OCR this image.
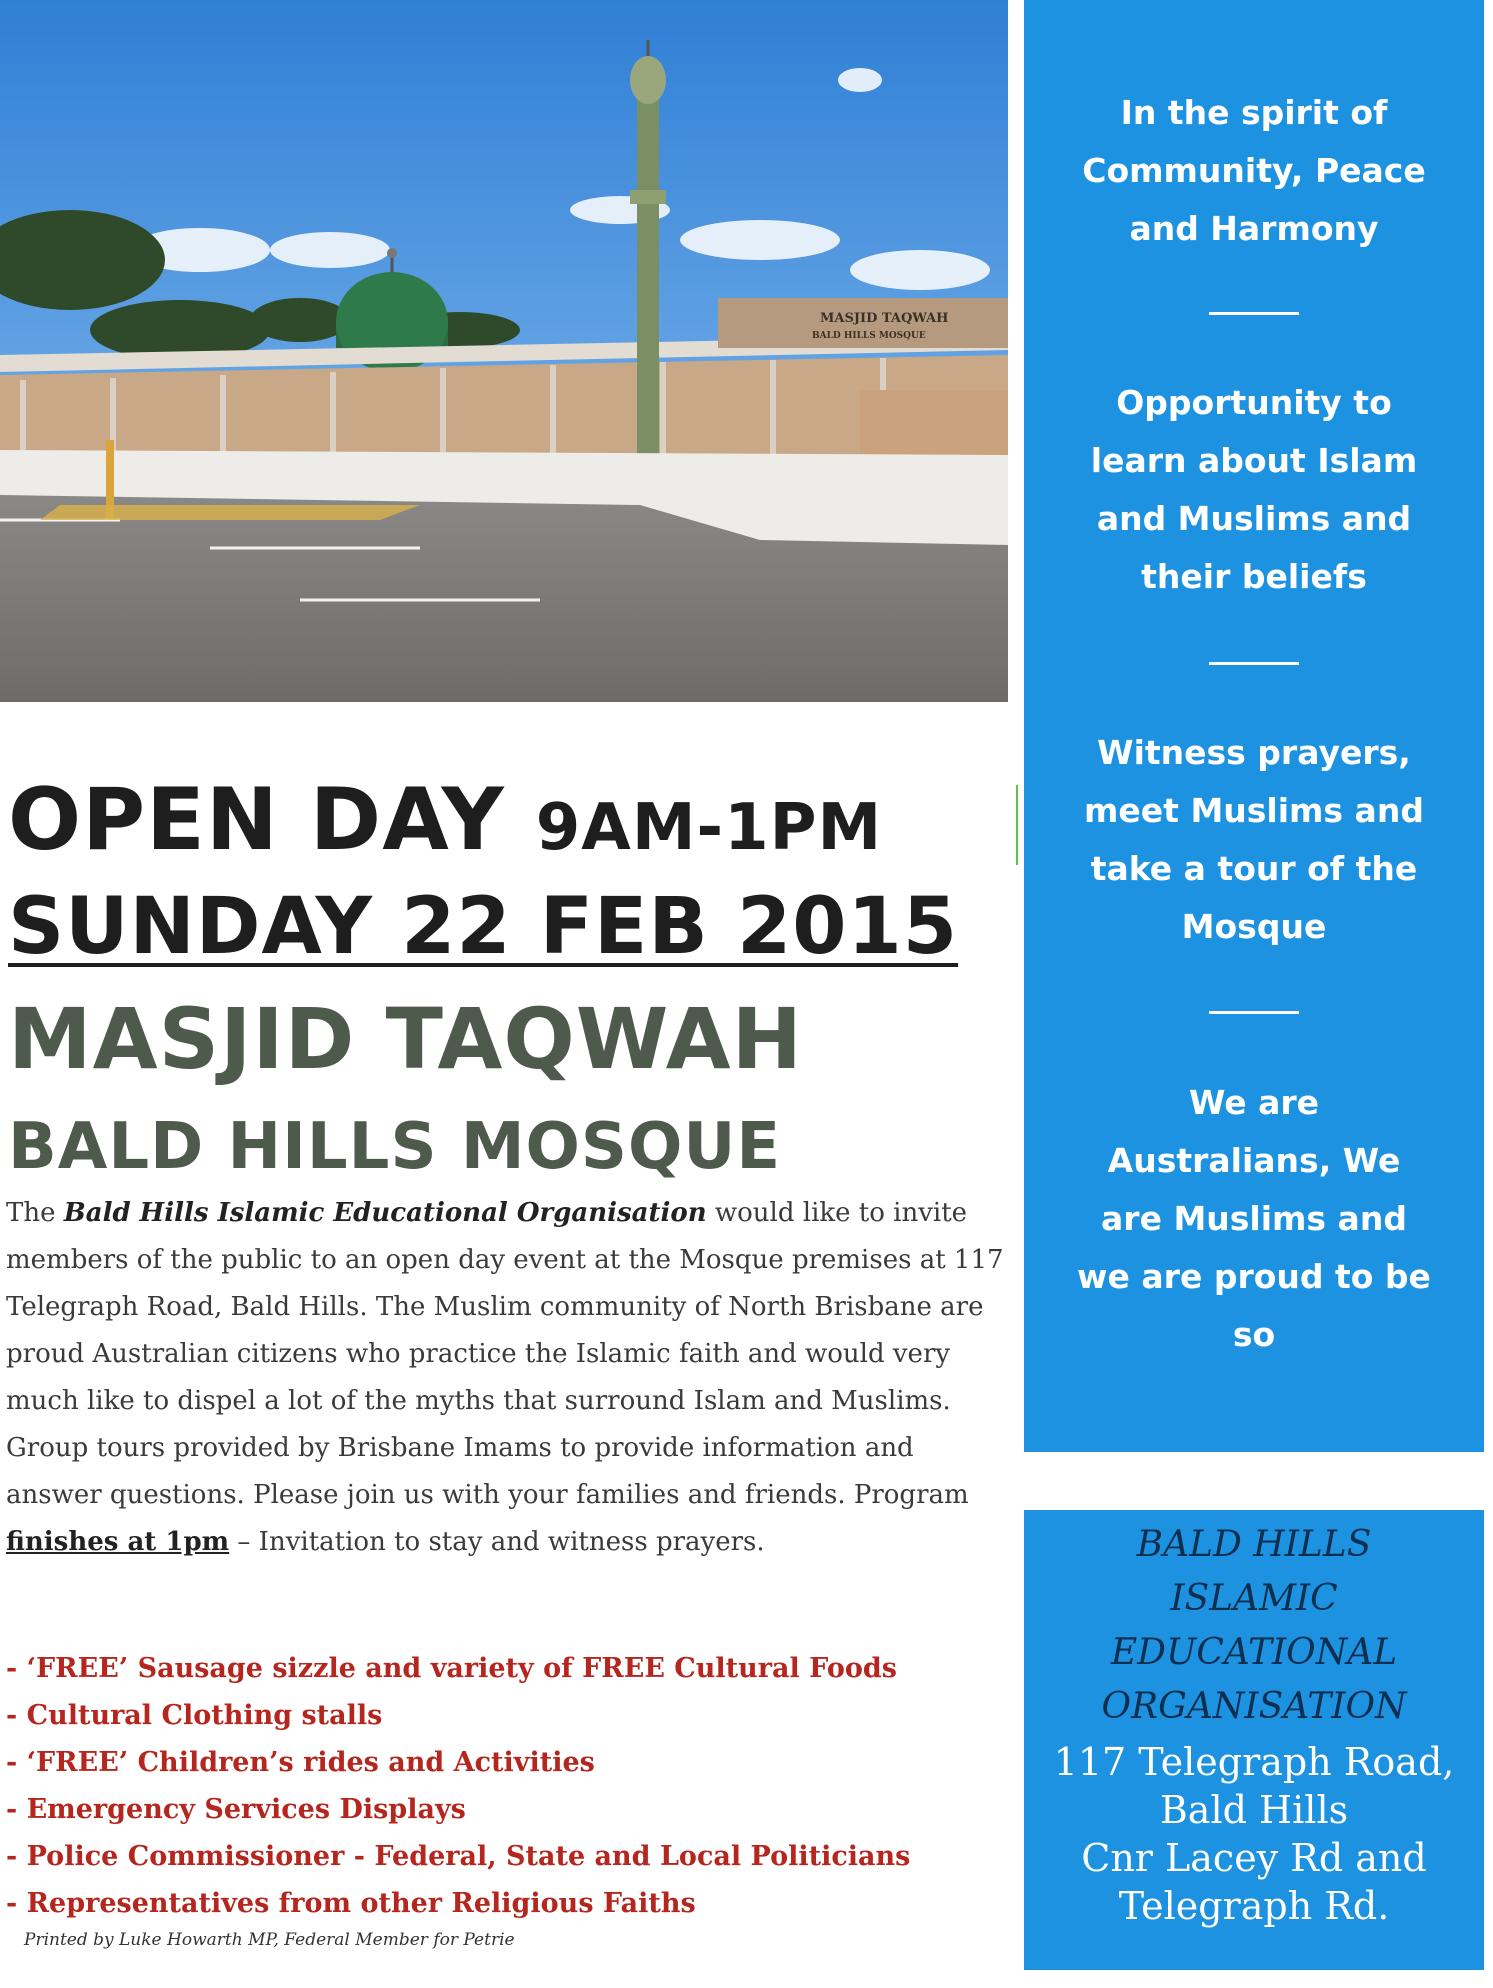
MASJID TAQWAH
BALD HILLS MOSQUE
OPEN DAY 9AM-1PM
SUNDAY 22 FEB 2015
MASJID TAQWAH
BALD HILLS MOSQUE
The Bald Hills Islamic Educational Organisation would like to invite members of the public to an open day event at the Mosque premises at 117 Telegraph Road, Bald Hills. The Muslim community of North Brisbane are proud Australian citizens who practice the Islamic faith and would very much like to dispel a lot of the myths that surround Islam and Muslims. Group tours provided by Brisbane Imams to provide information and answer questions. Please join us with your families and friends. Program finishes at 1pm – Invitation to stay and witness prayers.
- ‘FREE’ Sausage sizzle and variety of FREE Cultural Foods
- Cultural Clothing stalls
- ‘FREE’ Children’s rides and Activities
- Emergency Services Displays
- Police Commissioner - Federal, State and Local Politicians
- Representatives from other Religious Faiths
Printed by Luke Howarth MP, Federal Member for Petrie
In the spirit of
Community, Peace
and Harmony
Opportunity to
learn about Islam
and Muslims and
their beliefs
Witness prayers,
meet Muslims and
take a tour of the
Mosque
We are
Australians, We
are Muslims and
we are proud to be
so
BALD HILLS
ISLAMIC
EDUCATIONAL
ORGANISATION
117 Telegraph Road,
Bald Hills
Cnr Lacey Rd and
Telegraph Rd.
